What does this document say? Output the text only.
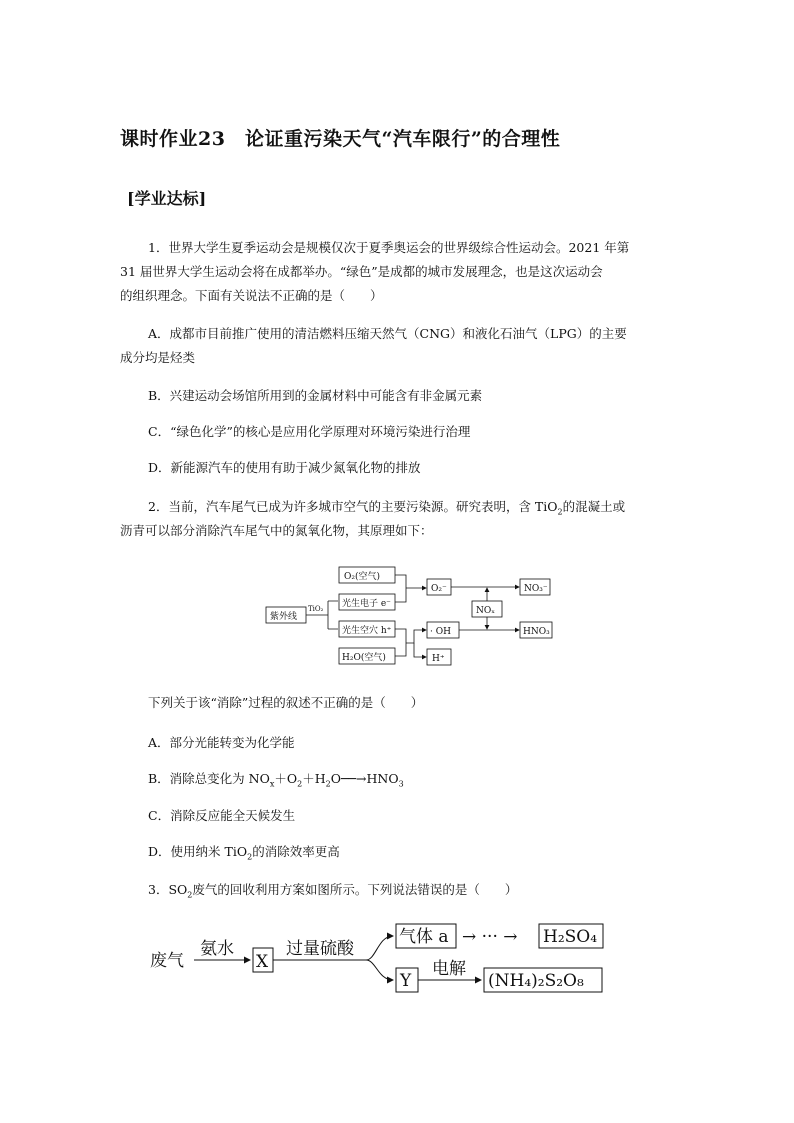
课时作业23　论证重污染天气“汽车限行”的合理性
[学业达标]
1．世界大学生夏季运动会是规模仅次于夏季奥运会的世界级综合性运动会。2021 年第
31 届世界大学生运动会将在成都举办。“绿色”是成都的城市发展理念，也是这次运动会
的组织理念。下面有关说法不正确的是（　　）
A．成都市目前推广使用的清洁燃料压缩天然气（CNG）和液化石油气（LPG）的主要
成分均是烃类
B．兴建运动会场馆所用到的金属材料中可能含有非金属元素
C．“绿色化学”的核心是应用化学原理对环境污染进行治理
D．新能源汽车的使用有助于减少氮氧化物的排放
2．当前，汽车尾气已成为许多城市空气的主要污染源。研究表明，含 TiO$_2$的混凝土或
沥青可以部分消除汽车尾气中的氮氧化物，其原理如下：
紫外线
TiO₂
O₂(空气)
光生电子 e⁻
光生空穴 h⁺
H₂O(空气)
O₂⁻
· OH
H⁺
NOₓ
NO₃⁻
HNO₃
下列关于该“消除”过程的叙述不正确的是（　　）
A．部分光能转变为化学能
B．消除总变化为 $NO_x+O_2+H_2O──\to HNO_3$
C．消除反应能全天候发生
D．使用纳米 TiO$_2$的消除效率更高
3．$SO_2$废气的回收利用方案如图所示。下列说法错误的是（　　）
废气
氨水
X
过量硫酸
气体 a → ··· → H₂SO₄
Y
电解
(NH₄)₂S₂O₈
